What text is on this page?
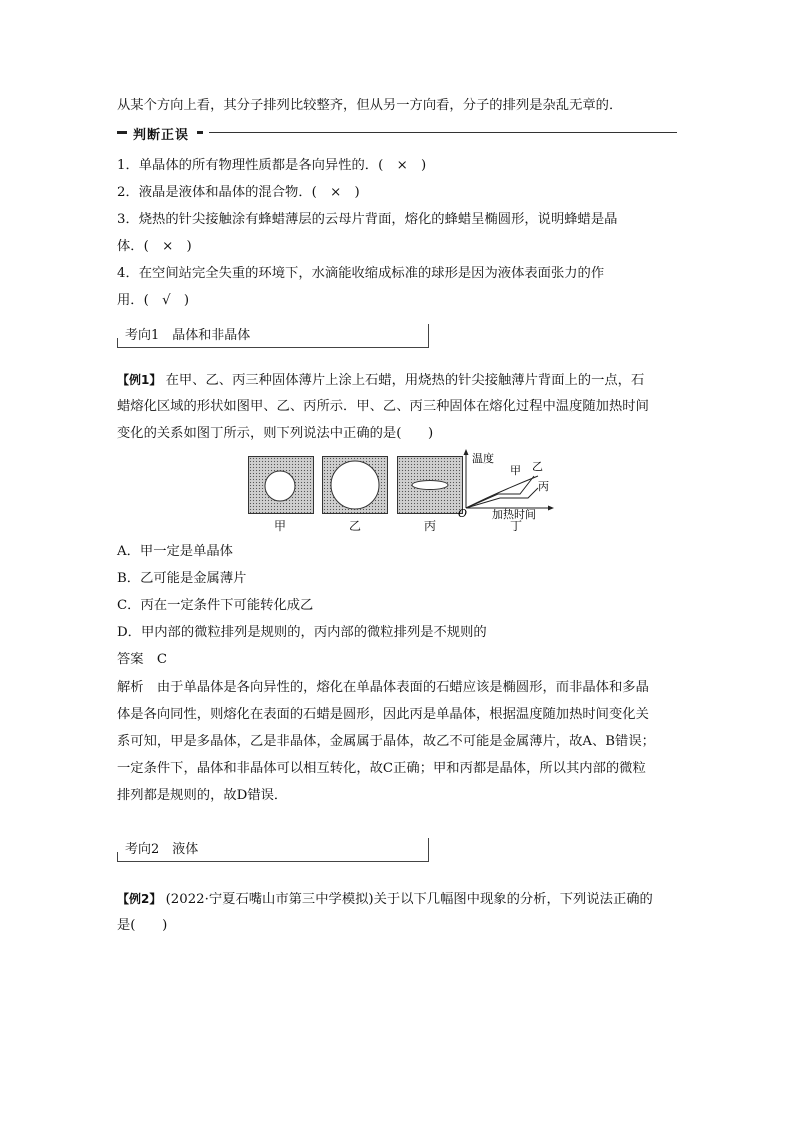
从某个方向上看，其分子排列比较整齐，但从另一方向看，分子的排列是杂乱无章的．
判断正误
1．单晶体的所有物理性质都是各向异性的．(　×　)
2．液晶是液体和晶体的混合物．(　×　)
3．烧热的针尖接触涂有蜂蜡薄层的云母片背面，熔化的蜂蜡呈椭圆形，说明蜂蜡是晶
体．(　×　)
4．在空间站完全失重的环境下，水滴能收缩成标准的球形是因为液体表面张力的作
用．(　√　)
考向1　晶体和非晶体
【例1】 在甲、乙、丙三种固体薄片上涂上石蜡，用烧热的针尖接触薄片背面上的一点，石
蜡熔化区域的形状如图甲、乙、丙所示．甲、乙、丙三种固体在熔化过程中温度随加热时间
变化的关系如图丁所示，则下列说法中正确的是(　　)
温度
甲 乙
丙
O 加热时间
甲	乙	丙	丁
A．甲一定是单晶体
B．乙可能是金属薄片
C．丙在一定条件下可能转化成乙
D．甲内部的微粒排列是规则的，丙内部的微粒排列是不规则的
答案　C
解析　由于单晶体是各向异性的，熔化在单晶体表面的石蜡应该是椭圆形，而非晶体和多晶
体是各向同性，则熔化在表面的石蜡是圆形，因此丙是单晶体，根据温度随加热时间变化关
系可知，甲是多晶体，乙是非晶体，金属属于晶体，故乙不可能是金属薄片，故A、B错误；
一定条件下，晶体和非晶体可以相互转化，故C正确；甲和丙都是晶体，所以其内部的微粒
排列都是规则的，故D错误．
考向2　液体
【例2】 (2022·宁夏石嘴山市第三中学模拟)关于以下几幅图中现象的分析，下列说法正确的
是(　　)
